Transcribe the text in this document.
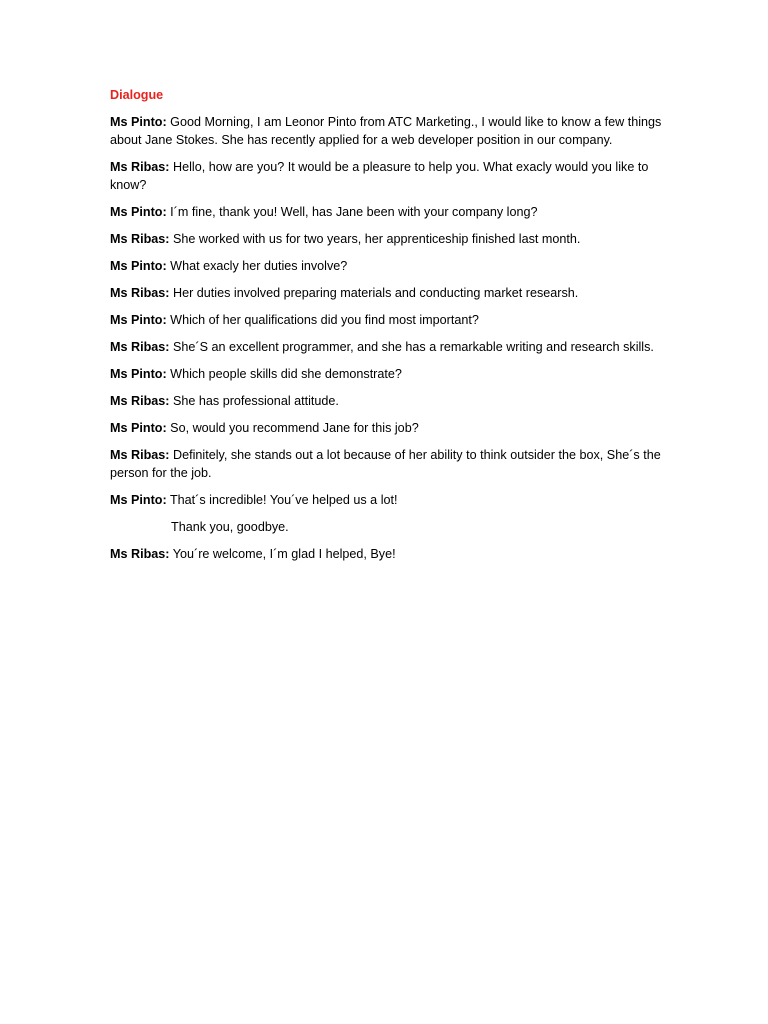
Dialogue

Ms Pinto: Good Morning, I am Leonor Pinto from ATC Marketing., I would like to know a few things about Jane Stokes. She has recently applied for a web developer position in our company.

Ms Ribas: Hello, how are you? It would be a pleasure to help you. What exacly would you like to know?

Ms Pinto: I´m fine, thank you! Well, has Jane been with your company long?

Ms Ribas: She worked with us for two years, her apprenticeship finished last month.

Ms Pinto: What exacly her duties involve?

Ms Ribas: Her duties involved preparing materials and conducting market researsh.

Ms Pinto: Which of her qualifications did you find most important?

Ms Ribas: She´S an excellent programmer, and she has a remarkable writing and research skills.

Ms Pinto: Which people skills did she demonstrate?

Ms Ribas: She has professional attitude.

Ms Pinto: So, would you recommend Jane for this job?

Ms Ribas: Definitely, she stands out a lot because of her ability to think outsider the box, She´s the person for the job.

Ms Pinto: That´s incredible! You´ve helped us a lot!

Thank you, goodbye.

Ms Ribas: You´re welcome, I´m glad I helped, Bye!
